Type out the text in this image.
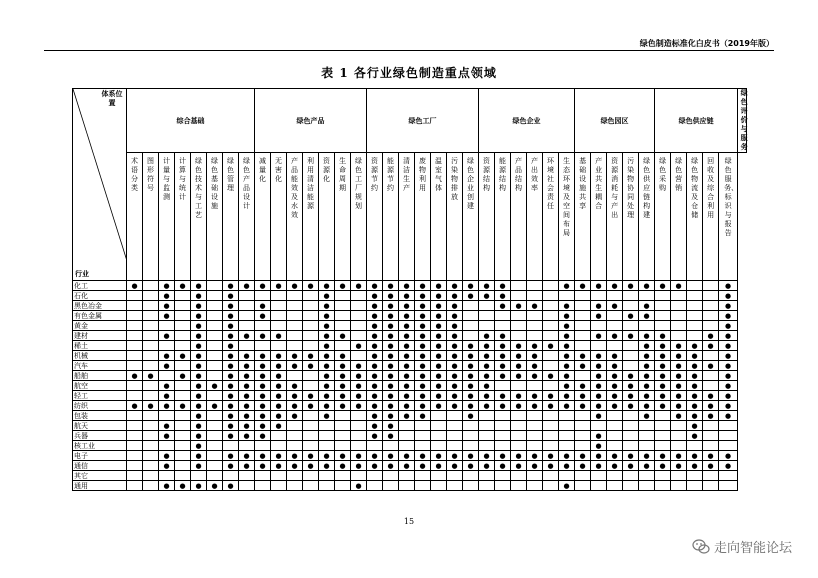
绿色制造标准化白皮书（2019年版）
表 1 各行业绿色制造重点领域
体系位置
行业	综合基础								绿色产品							绿色工厂							绿色企业						绿色园区					绿色供应链					绿色评价与服务
	术语分类	图形符号	计量与监测	计算与统计	绿色技术与工艺	绿色基础设施	绿色管理	绿色产品设计	减量化	无害化	产品能效及水效	利用清洁能源	资源化	生命周期	绿色工厂规划	资源节约	能源节约	清洁生产	废物利用	温室气体	污染物排放	绿色企业创建	资源结构	能源结构	产品结构	产出效率	环境社会责任	生态环境及空间布局	基础设施共享	产业共生耦合	资源消耗与产出	污染物协同处理	绿色供应链构建	绿色采购	绿色营销	绿色物流及仓储	回收及综合利用	绿色服务、标识与报告	
化工	●		●	●	●		●	●	●	●	●	●	●	●	●	●	●	●	●	●	●	●	●	●				●	●	●	●	●	●	●	●			●	
石化			●		●		●						●			●	●	●	●	●	●	●	●	●														●	
黑色冶金			●		●		●		●				●			●	●	●	●	●	●			●	●	●		●		●	●		●					●	
有色金属			●		●		●		●				●			●	●	●	●	●	●							●		●		●	●					●	
黄金					●		●						●			●	●	●	●	●	●							●										●	
建材			●		●		●	●	●	●			●	●		●	●	●	●	●	●		●	●				●		●	●	●	●	●			●	●	
稀土					●		●						●		●	●	●	●	●	●	●	●	●	●	●	●	●	●					●	●	●	●	●	●	
机械			●	●	●		●	●	●	●	●	●	●	●		●	●	●	●	●	●	●	●	●	●	●		●	●	●	●		●	●	●	●		●	
汽车			●		●		●	●	●	●	●	●	●	●	●	●	●	●	●	●	●	●	●	●	●	●		●	●	●	●		●	●	●	●	●	●	
船舶	●	●		●	●		●	●	●	●			●	●	●	●	●	●	●	●	●	●	●	●	●	●	●	●		●	●	●	●	●	●	●		●	
航空			●		●	●	●	●	●	●	●		●	●	●	●	●	●	●	●	●	●	●					●	●	●	●	●	●	●	●	●		●	
轻工			●		●		●	●	●	●	●	●	●	●	●	●	●	●	●	●	●	●	●	●	●	●	●	●	●	●	●	●	●	●	●	●	●	●	
纺织	●	●	●	●	●	●	●	●	●	●	●	●	●	●	●	●	●	●	●	●	●	●	●	●	●	●	●	●	●	●	●	●	●	●	●	●	●	●	
包装					●		●	●	●	●	●		●			●	●	●	●			●								●			●		●	●	●	●	
航天			●		●		●	●	●	●						●	●																			●			
兵器			●		●		●	●	●							●	●													●						●			
核工业					●																									●									
电子			●		●		●	●	●	●	●	●	●	●	●	●	●	●	●	●	●	●	●	●	●	●	●	●	●	●	●	●	●	●	●	●	●	●	
通信			●		●		●	●	●	●	●	●	●	●	●	●	●	●	●	●	●	●	●	●	●	●	●	●	●	●	●	●	●	●	●	●	●	●	
其它																																							
通用			●	●	●	●	●								●													●											
15
走向智能论坛
